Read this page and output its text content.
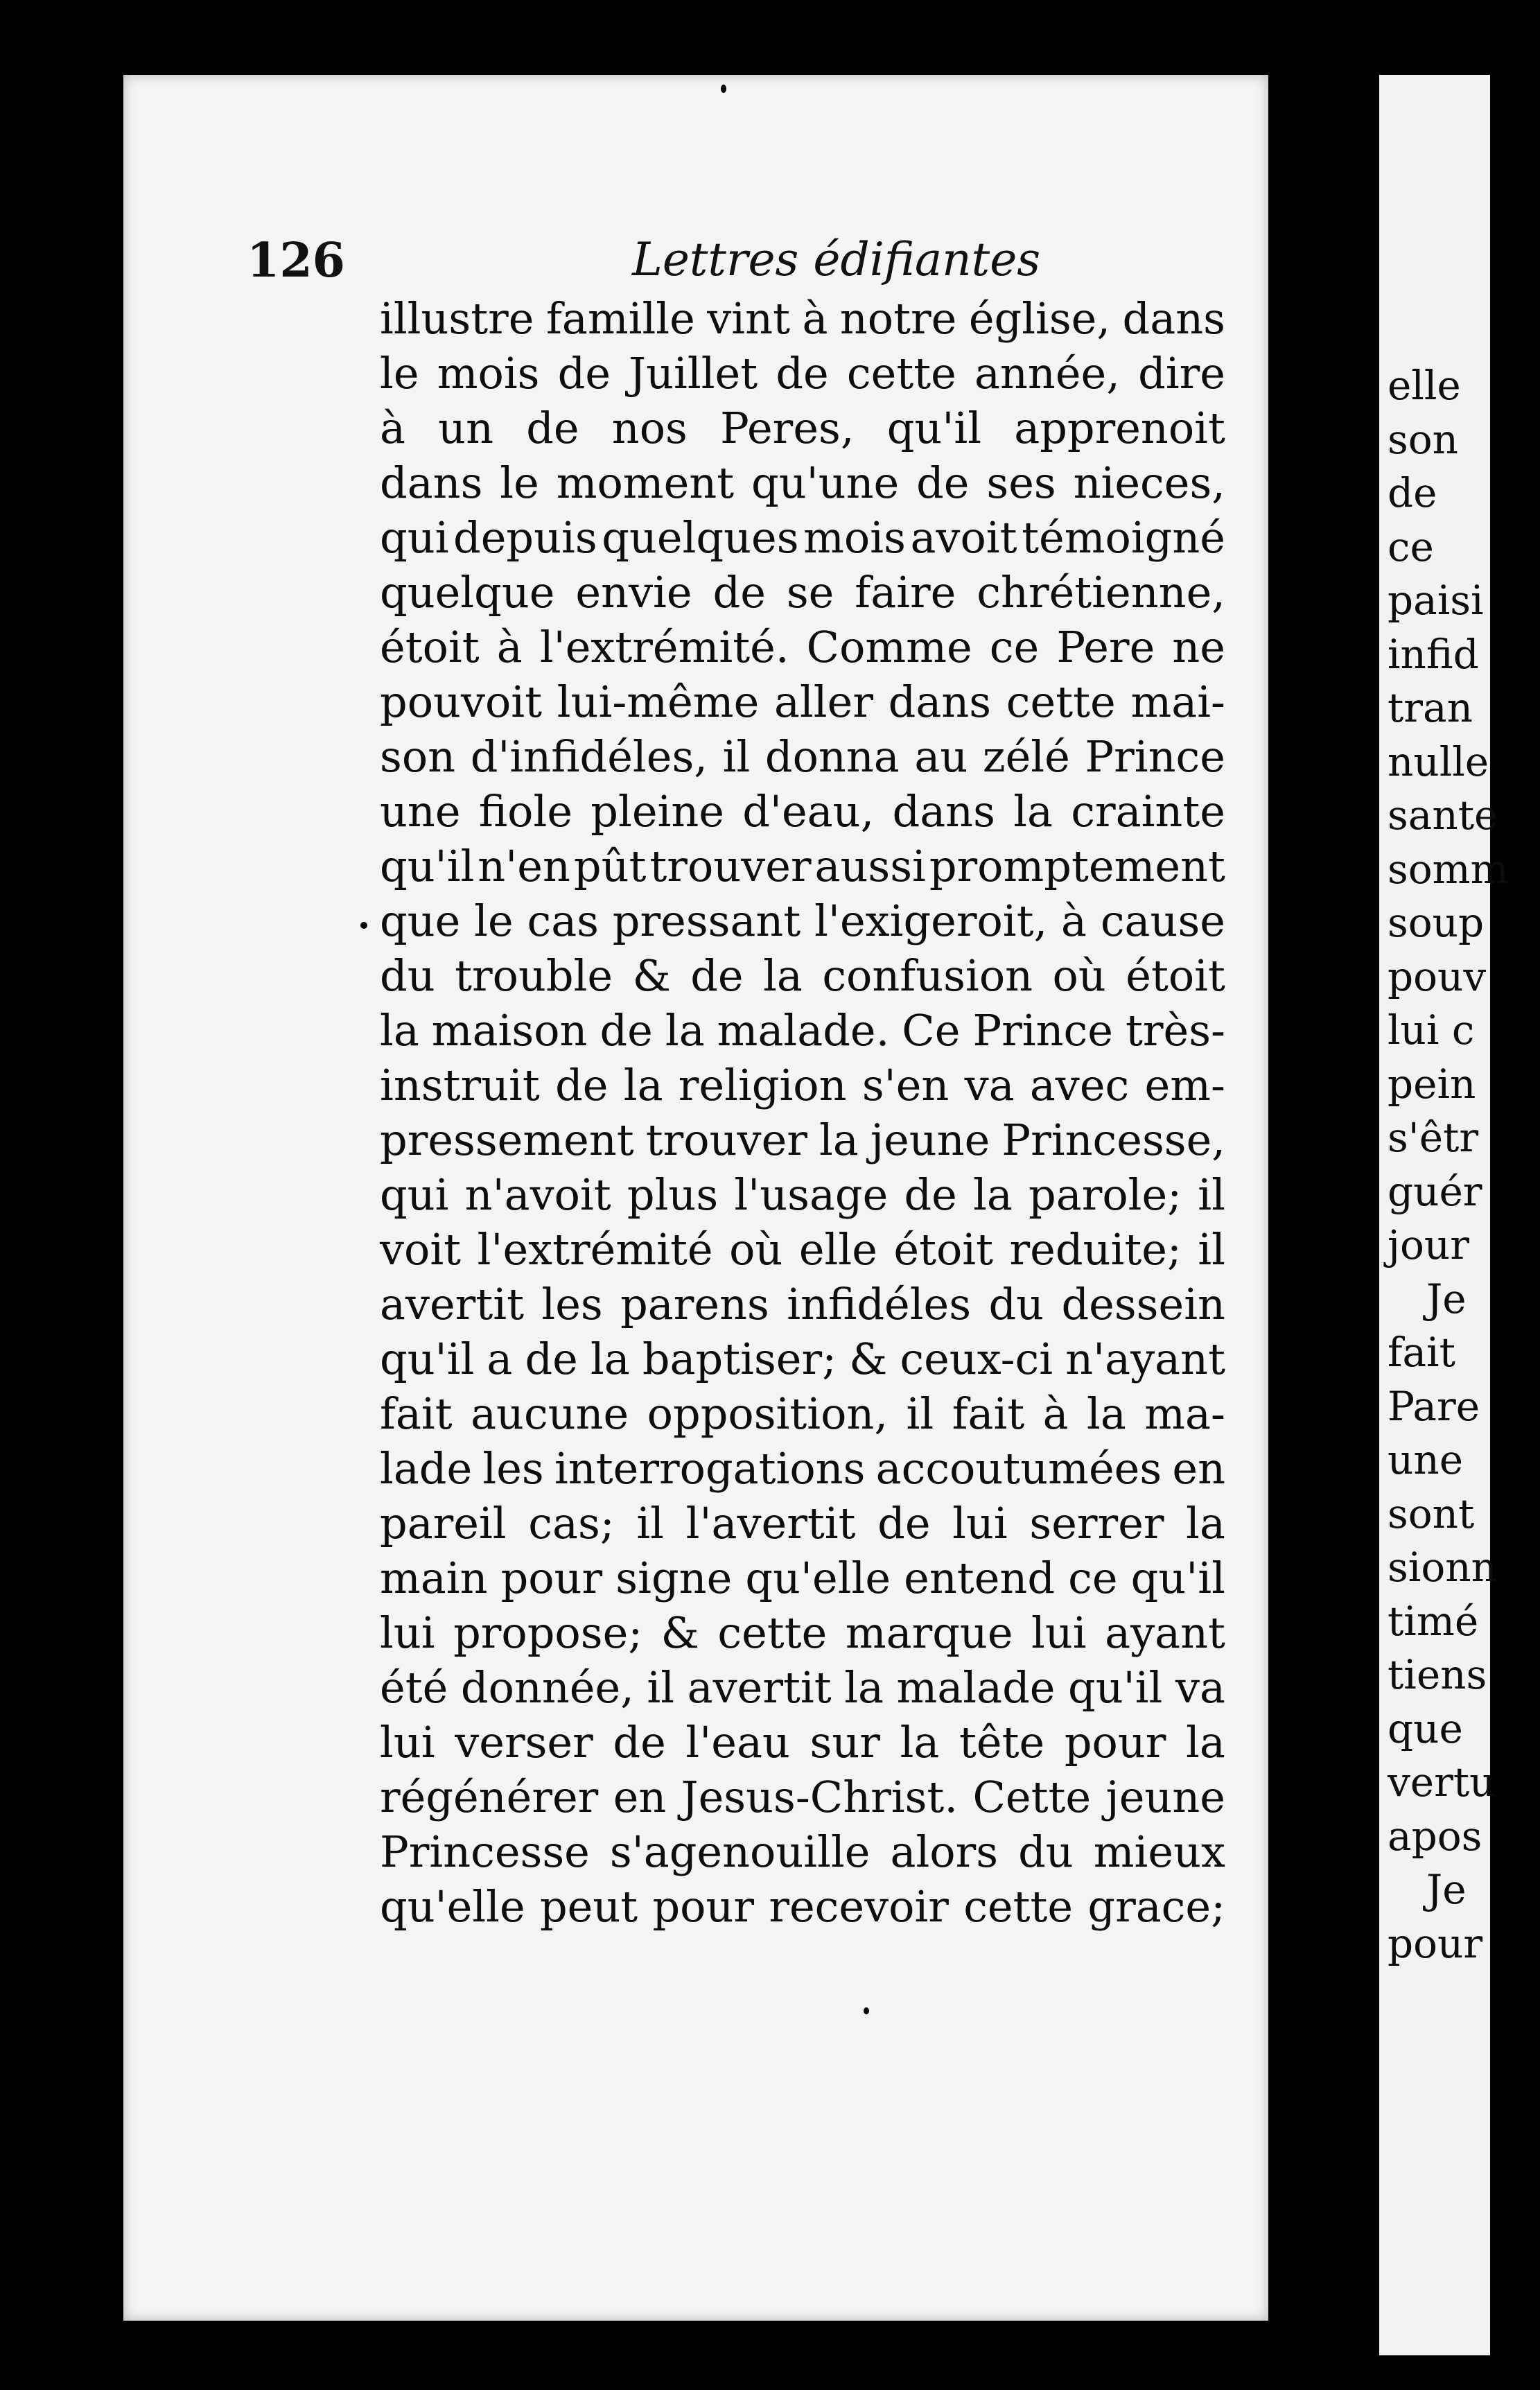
elle
son
de
ce
paisi
infid
tran
nulle
sante
somm
soup
pouv
lui c
pein
s'êtr
guér
jour
Je
fait
Pare
une
sont
sionn
timé
tiens
que
vertu
apos
Je
pour
126	Lettres édifiantes
illustre famille vint à notre église, dans
le mois de Juillet de cette année, dire
à un de nos Peres, qu'il apprenoit
dans le moment qu'une de ses nieces,
qui depuis quelques mois avoit témoigné
quelque envie de se faire chrétienne,
étoit à l'extrémité. Comme ce Pere ne
pouvoit lui-même aller dans cette mai-
son d'infidéles, il donna au zélé Prince
une fiole pleine d'eau, dans la crainte
qu'il n'en pût trouver aussi promptement
que le cas pressant l'exigeroit, à cause
du trouble & de la confusion où étoit
la maison de la malade. Ce Prince très-
instruit de la religion s'en va avec em-
pressement trouver la jeune Princesse,
qui n'avoit plus l'usage de la parole; il
voit l'extrémité où elle étoit reduite; il
avertit les parens infidéles du dessein
qu'il a de la baptiser; & ceux-ci n'ayant
fait aucune opposition, il fait à la ma-
lade les interrogations accoutumées en
pareil cas; il l'avertit de lui serrer la
main pour signe qu'elle entend ce qu'il
lui propose; & cette marque lui ayant
été donnée, il avertit la malade qu'il va
lui verser de l'eau sur la tête pour la
régénérer en Jesus-Christ. Cette jeune
Princesse s'agenouille alors du mieux
qu'elle peut pour recevoir cette grace;
